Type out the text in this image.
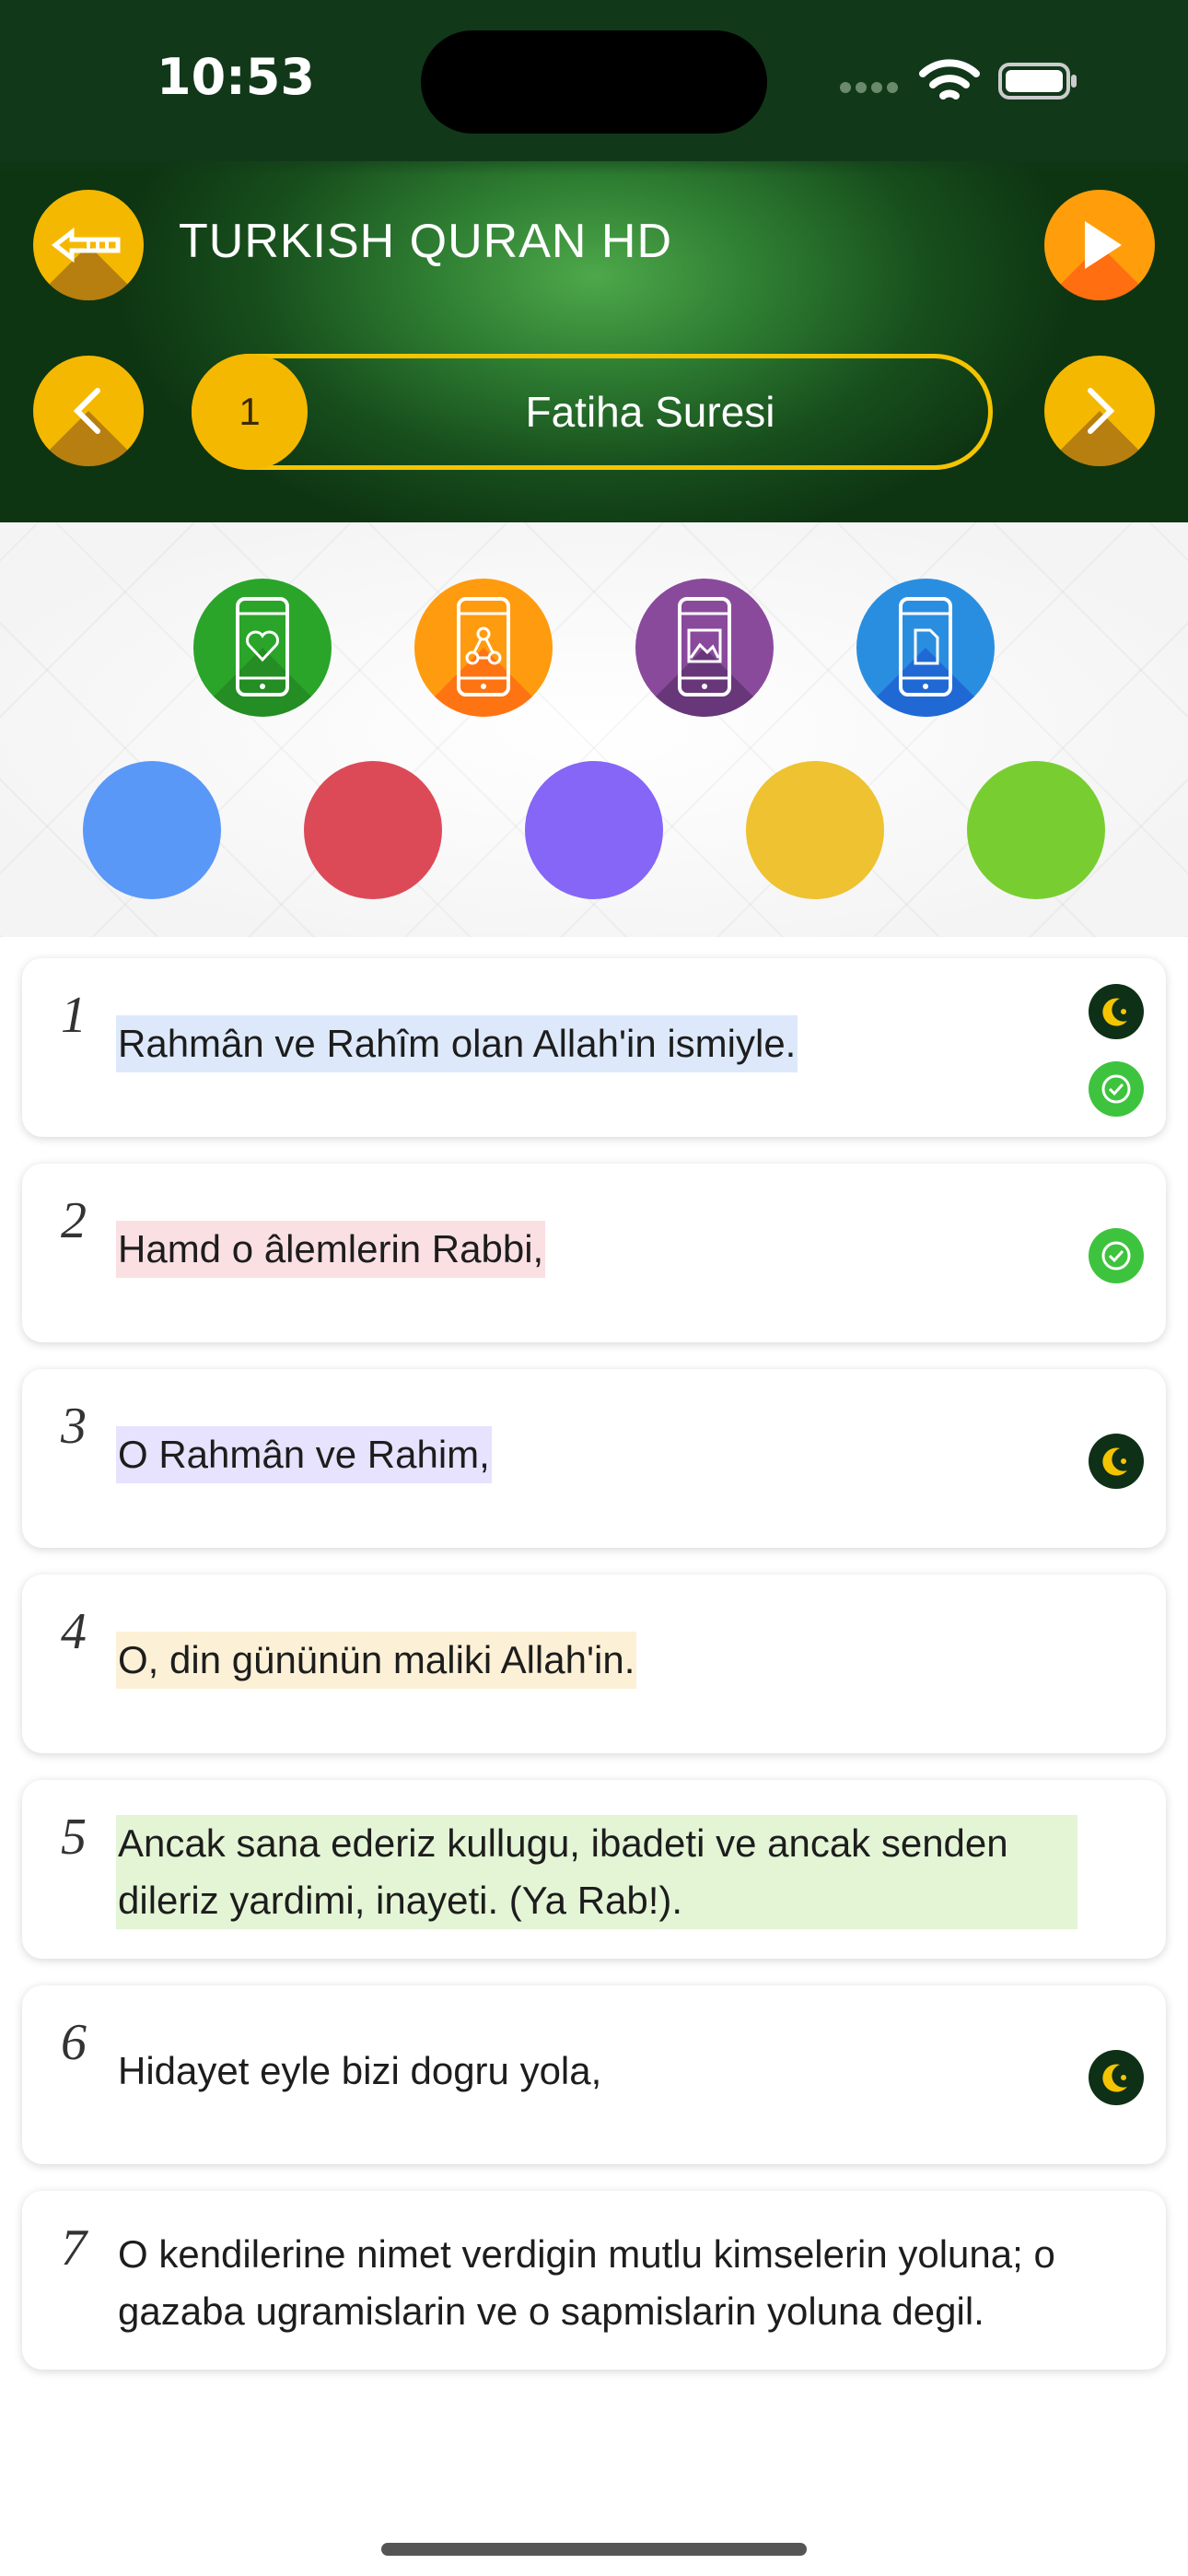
10:53
TURKISH QURAN HD
1	Fatiha Suresi
1 Rahmân ve Rahîm olan Allah'in ismiyle.
2 Hamd o âlemlerin Rabbi,
3 O Rahmân ve Rahim,
4 O, din gününün maliki Allah'in.
5 Ancak sana ederiz kullugu, ibadeti ve ancak senden dileriz yardimi, inayeti. (Ya Rab!).
6 Hidayet eyle bizi dogru yola,
7 O kendilerine nimet verdigin mutlu kimselerin yoluna; o gazaba ugramislarin ve o sapmislarin yoluna degil.
